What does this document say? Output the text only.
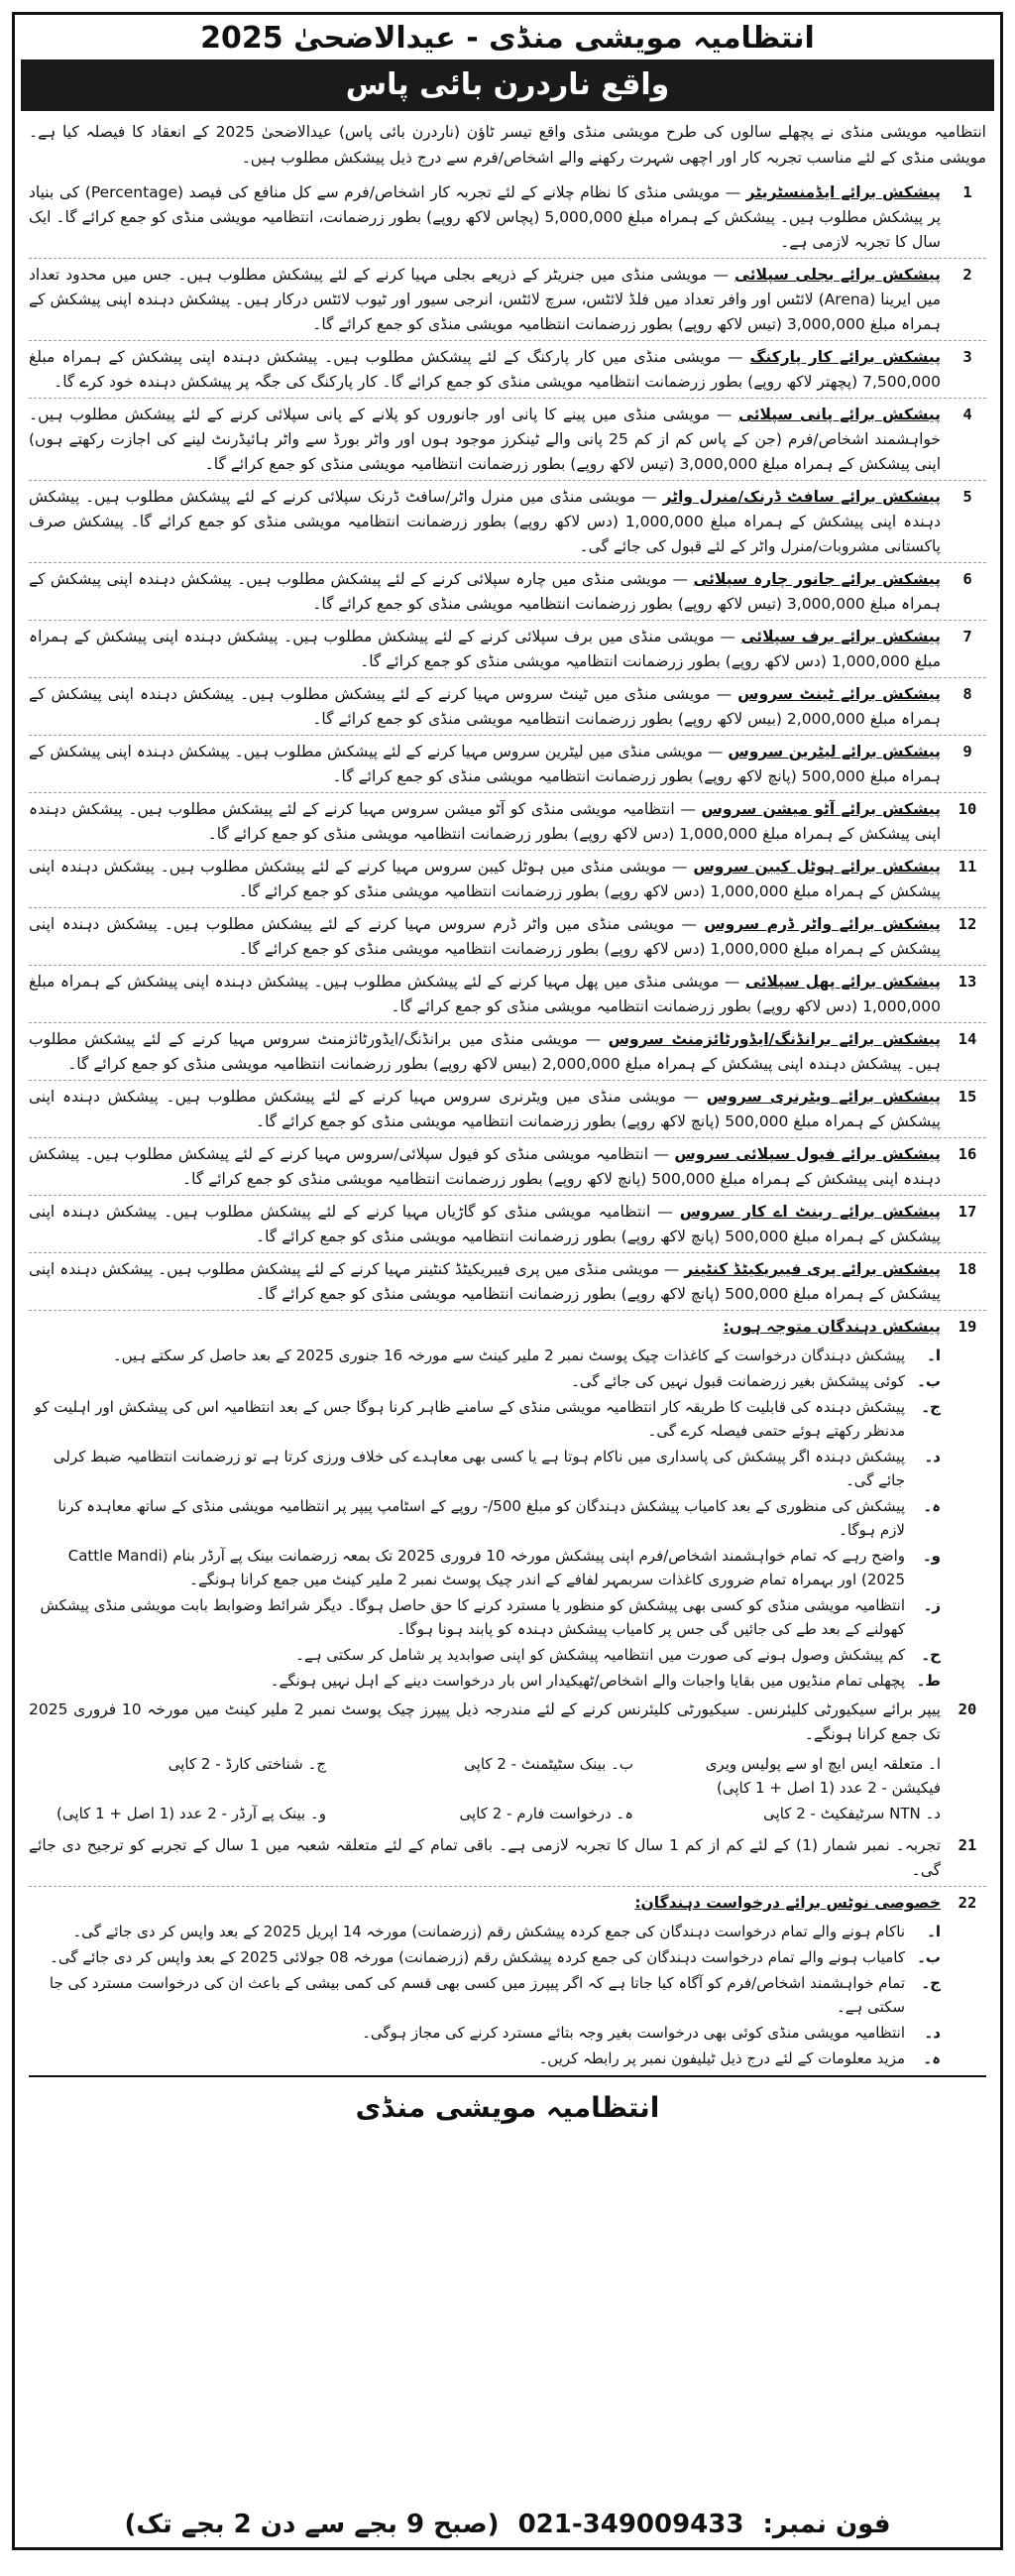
انتظامیہ مویشی منڈی - عیدالاضحیٰ 2025
واقع ناردرن بائی پاس
انتظامیہ مویشی منڈی نے پچھلے سالوں کی طرح مویشی منڈی واقع تیسر ٹاؤن (ناردرن بائی پاس) عیدالاضحیٰ 2025 کے انعقاد کا فیصلہ کیا ہے۔ مویشی منڈی کے لئے مناسب تجربہ کار اور اچھی شہرت رکھنے والے اشخاص/فرم سے درج ذیل پیشکش مطلوب ہیں۔
1
پیشکش برائے ایڈمنسٹریٹر — مویشی منڈی کا نظام چلانے کے لئے تجربہ کار اشخاص/فرم سے کل منافع کی فیصد (Percentage) کی بنیاد پر پیشکش مطلوب ہیں۔ پیشکش کے ہمراہ مبلغ 5,000,000 (پچاس لاکھ روپے) بطور زرضمانت، انتظامیہ مویشی منڈی کو جمع کرائے گا۔ ایک سال کا تجربہ لازمی ہے۔
2
پیشکش برائے بجلی سپلائی — مویشی منڈی میں جنریٹر کے ذریعے بجلی مہیا کرنے کے لئے پیشکش مطلوب ہیں۔ جس میں محدود تعداد میں ایرینا (Arena) لائٹس اور وافر تعداد میں فلڈ لائٹس، سرچ لائٹس، انرجی سیور اور ٹیوب لائٹس درکار ہیں۔ پیشکش دہندہ اپنی پیشکش کے ہمراہ مبلغ 3,000,000 (تیس لاکھ روپے) بطور زرضمانت انتظامیہ مویشی منڈی کو جمع کرائے گا۔
3
پیشکش برائے کار پارکنگ — مویشی منڈی میں کار پارکنگ کے لئے پیشکش مطلوب ہیں۔ پیشکش دہندہ اپنی پیشکش کے ہمراہ مبلغ 7,500,000 (پچھتر لاکھ روپے) بطور زرضمانت انتظامیہ مویشی منڈی کو جمع کرائے گا۔ کار پارکنگ کی جگہ پر پیشکش دہندہ خود کرے گا۔
4
پیشکش برائے پانی سپلائی — مویشی منڈی میں پینے کا پانی اور جانوروں کو پلانے کے پانی سپلائی کرنے کے لئے پیشکش مطلوب ہیں۔ خواہشمند اشخاص/فرم (جن کے پاس کم از کم 25 پانی والے ٹینکرز موجود ہوں اور واٹر بورڈ سے واٹر ہائیڈرنٹ لینے کی اجازت رکھتے ہوں) اپنی پیشکش کے ہمراہ مبلغ 3,000,000 (تیس لاکھ روپے) بطور زرضمانت انتظامیہ مویشی منڈی کو جمع کرائے گا۔
5
پیشکش برائے سافٹ ڈرنک/منرل واٹر — مویشی منڈی میں منرل واٹر/سافٹ ڈرنک سپلائی کرنے کے لئے پیشکش مطلوب ہیں۔ پیشکش دہندہ اپنی پیشکش کے ہمراہ مبلغ 1,000,000 (دس لاکھ روپے) بطور زرضمانت انتظامیہ مویشی منڈی کو جمع کرائے گا۔ پیشکش صرف پاکستانی مشروبات/منرل واٹر کے لئے قبول کی جائے گی۔
6
پیشکش برائے جانور چارہ سپلائی — مویشی منڈی میں چارہ سپلائی کرنے کے لئے پیشکش مطلوب ہیں۔ پیشکش دہندہ اپنی پیشکش کے ہمراہ مبلغ 3,000,000 (تیس لاکھ روپے) بطور زرضمانت انتظامیہ مویشی منڈی کو جمع کرائے گا۔
7
پیشکش برائے برف سپلائی — مویشی منڈی میں برف سپلائی کرنے کے لئے پیشکش مطلوب ہیں۔ پیشکش دہندہ اپنی پیشکش کے ہمراہ مبلغ 1,000,000 (دس لاکھ روپے) بطور زرضمانت انتظامیہ مویشی منڈی کو جمع کرائے گا۔
8
پیشکش برائے ٹینٹ سروس — مویشی منڈی میں ٹینٹ سروس مہیا کرنے کے لئے پیشکش مطلوب ہیں۔ پیشکش دہندہ اپنی پیشکش کے ہمراہ مبلغ 2,000,000 (بیس لاکھ روپے) بطور زرضمانت انتظامیہ مویشی منڈی کو جمع کرائے گا۔
9
پیشکش برائے لیٹرین سروس — مویشی منڈی میں لیٹرین سروس مہیا کرنے کے لئے پیشکش مطلوب ہیں۔ پیشکش دہندہ اپنی پیشکش کے ہمراہ مبلغ 500,000 (پانچ لاکھ روپے) بطور زرضمانت انتظامیہ مویشی منڈی کو جمع کرائے گا۔
10
پیشکش برائے آٹو میشن سروس — انتظامیہ مویشی منڈی کو آٹو میشن سروس مہیا کرنے کے لئے پیشکش مطلوب ہیں۔ پیشکش دہندہ اپنی پیشکش کے ہمراہ مبلغ 1,000,000 (دس لاکھ روپے) بطور زرضمانت انتظامیہ مویشی منڈی کو جمع کرائے گا۔
11
پیشکش برائے ہوٹل کیبن سروس — مویشی منڈی میں ہوٹل کیبن سروس مہیا کرنے کے لئے پیشکش مطلوب ہیں۔ پیشکش دہندہ اپنی پیشکش کے ہمراہ مبلغ 1,000,000 (دس لاکھ روپے) بطور زرضمانت انتظامیہ مویشی منڈی کو جمع کرائے گا۔
12
پیشکش برائے واٹر ڈرم سروس — مویشی منڈی میں واٹر ڈرم سروس مہیا کرنے کے لئے پیشکش مطلوب ہیں۔ پیشکش دہندہ اپنی پیشکش کے ہمراہ مبلغ 1,000,000 (دس لاکھ روپے) بطور زرضمانت انتظامیہ مویشی منڈی کو جمع کرائے گا۔
13
پیشکش برائے پھل سپلائی — مویشی منڈی میں پھل مہیا کرنے کے لئے پیشکش مطلوب ہیں۔ پیشکش دہندہ اپنی پیشکش کے ہمراہ مبلغ 1,000,000 (دس لاکھ روپے) بطور زرضمانت انتظامیہ مویشی منڈی کو جمع کرائے گا۔
14
پیشکش برائے برانڈنگ/ایڈورٹائزمنٹ سروس — مویشی منڈی میں برانڈنگ/ایڈورٹائزمنٹ سروس مہیا کرنے کے لئے پیشکش مطلوب ہیں۔ پیشکش دہندہ اپنی پیشکش کے ہمراہ مبلغ 2,000,000 (بیس لاکھ روپے) بطور زرضمانت انتظامیہ مویشی منڈی کو جمع کرائے گا۔
15
پیشکش برائے ویٹرنری سروس — مویشی منڈی میں ویٹرنری سروس مہیا کرنے کے لئے پیشکش مطلوب ہیں۔ پیشکش دہندہ اپنی پیشکش کے ہمراہ مبلغ 500,000 (پانچ لاکھ روپے) بطور زرضمانت انتظامیہ مویشی منڈی کو جمع کرائے گا۔
16
پیشکش برائے فیول سپلائی سروس — انتظامیہ مویشی منڈی کو فیول سپلائی/سروس مہیا کرنے کے لئے پیشکش مطلوب ہیں۔ پیشکش دہندہ اپنی پیشکش کے ہمراہ مبلغ 500,000 (پانچ لاکھ روپے) بطور زرضمانت انتظامیہ مویشی منڈی کو جمع کرائے گا۔
17
پیشکش برائے رینٹ اے کار سروس — انتظامیہ مویشی منڈی کو گاڑیاں مہیا کرنے کے لئے پیشکش مطلوب ہیں۔ پیشکش دہندہ اپنی پیشکش کے ہمراہ مبلغ 500,000 (پانچ لاکھ روپے) بطور زرضمانت انتظامیہ مویشی منڈی کو جمع کرائے گا۔
18
پیشکش برائے پری فیبریکیٹڈ کنٹینر — مویشی منڈی میں پری فیبریکیٹڈ کنٹینر مہیا کرنے کے لئے پیشکش مطلوب ہیں۔ پیشکش دہندہ اپنی پیشکش کے ہمراہ مبلغ 500,000 (پانچ لاکھ روپے) بطور زرضمانت انتظامیہ مویشی منڈی کو جمع کرائے گا۔
19
پیشکش دہندگان متوجہ ہوں:
ا۔
پیشکش دہندگان درخواست کے کاغذات چیک پوسٹ نمبر 2 ملیر کینٹ سے مورخہ 16 جنوری 2025 کے بعد حاصل کر سکتے ہیں۔
ب۔
کوئی پیشکش بغیر زرضمانت قبول نہیں کی جائے گی۔
ج۔
پیشکش دہندہ کی قابلیت کا طریقہ کار انتظامیہ مویشی منڈی کے سامنے ظاہر کرنا ہوگا جس کے بعد انتظامیہ اس کی پیشکش اور اہلیت کو مدنظر رکھتے ہوئے حتمی فیصلہ کرے گی۔
د۔
پیشکش دہندہ اگر پیشکش کی پاسداری میں ناکام ہوتا ہے یا کسی بھی معاہدے کی خلاف ورزی کرتا ہے تو زرضمانت انتظامیہ ضبط کرلی جائے گی۔
ہ۔
پیشکش کی منظوری کے بعد کامیاب پیشکش دہندگان کو مبلغ 500/- روپے کے اسٹامپ پیپر پر انتظامیہ مویشی منڈی کے ساتھ معاہدہ کرنا لازم ہوگا۔
و۔
واضح رہے کہ تمام خواہشمند اشخاص/فرم اپنی پیشکش مورخہ 10 فروری 2025 تک بمعہ زرضمانت بینک پے آرڈر بنام (Cattle Mandi 2025) اور بہمراہ تمام ضروری کاغذات سربمہر لفافے کے اندر چیک پوسٹ نمبر 2 ملیر کینٹ میں جمع کرانا ہونگے۔
ز۔
انتظامیہ مویشی منڈی کو کسی بھی پیشکش کو منظور یا مسترد کرنے کا حق حاصل ہوگا۔ دیگر شرائط وضوابط بابت مویشی منڈی پیشکش کھولنے کے بعد طے کی جائیں گی جس پر کامیاب پیشکش دہندہ کو پابند ہونا ہوگا۔
ح۔
کم پیشکش وصول ہونے کی صورت میں انتظامیہ پیشکش کو اپنی صوابدید پر شامل کر سکتی ہے۔
ط۔
پچھلی تمام منڈیوں میں بقایا واجبات والے اشخاص/ٹھیکیدار اس بار درخواست دینے کے اہل نہیں ہونگے۔
20
پیپر برائے سیکیورٹی کلیئرنس۔ سیکیورٹی کلیئرنس کرنے کے لئے مندرجہ ذیل پیپرز چیک پوسٹ نمبر 2 ملیر کینٹ میں مورخہ 10 فروری 2025 تک جمع کرانا ہونگے۔
ا۔ متعلقہ ایس ایچ او سے پولیس ویری فیکیشن - 2 عدد (1 اصل + 1 کاپی)
ب۔ بینک سٹیٹمنٹ - 2 کاپی
ج۔ شناختی کارڈ - 2 کاپی
د۔ NTN سرٹیفکیٹ - 2 کاپی
ہ۔ درخواست فارم - 2 کاپی
و۔ بینک پے آرڈر - 2 عدد (1 اصل + 1 کاپی)
21
تجربہ۔ نمبر شمار (1) کے لئے کم از کم 1 سال کا تجربہ لازمی ہے۔ باقی تمام کے لئے متعلقہ شعبہ میں 1 سال کے تجربے کو ترجیح دی جائے گی۔
22
خصوصی نوٹس برائے درخواست دہندگان:
ا۔
ناکام ہونے والے تمام درخواست دہندگان کی جمع کردہ پیشکش رقم (زرضمانت) مورخہ 14 اپریل 2025 کے بعد واپس کر دی جائے گی۔
ب۔
کامیاب ہونے والے تمام درخواست دہندگان کی جمع کردہ پیشکش رقم (زرضمانت) مورخہ 08 جولائی 2025 کے بعد واپس کر دی جائے گی۔
ج۔
تمام خواہشمند اشخاص/فرم کو آگاہ کیا جاتا ہے کہ اگر پیپرز میں کسی بھی قسم کی کمی بیشی کے باعث ان کی درخواست مسترد کی جا سکتی ہے۔
د۔
انتظامیہ مویشی منڈی کوئی بھی درخواست بغیر وجہ بتائے مسترد کرنے کی مجاز ہوگی۔
ہ۔
مزید معلومات کے لئے درج ذیل ٹیلیفون نمبر پر رابطہ کریں۔
انتظامیہ مویشی منڈی
فون نمبر: 021-349009433 (صبح 9 بجے سے دن 2 بجے تک)
